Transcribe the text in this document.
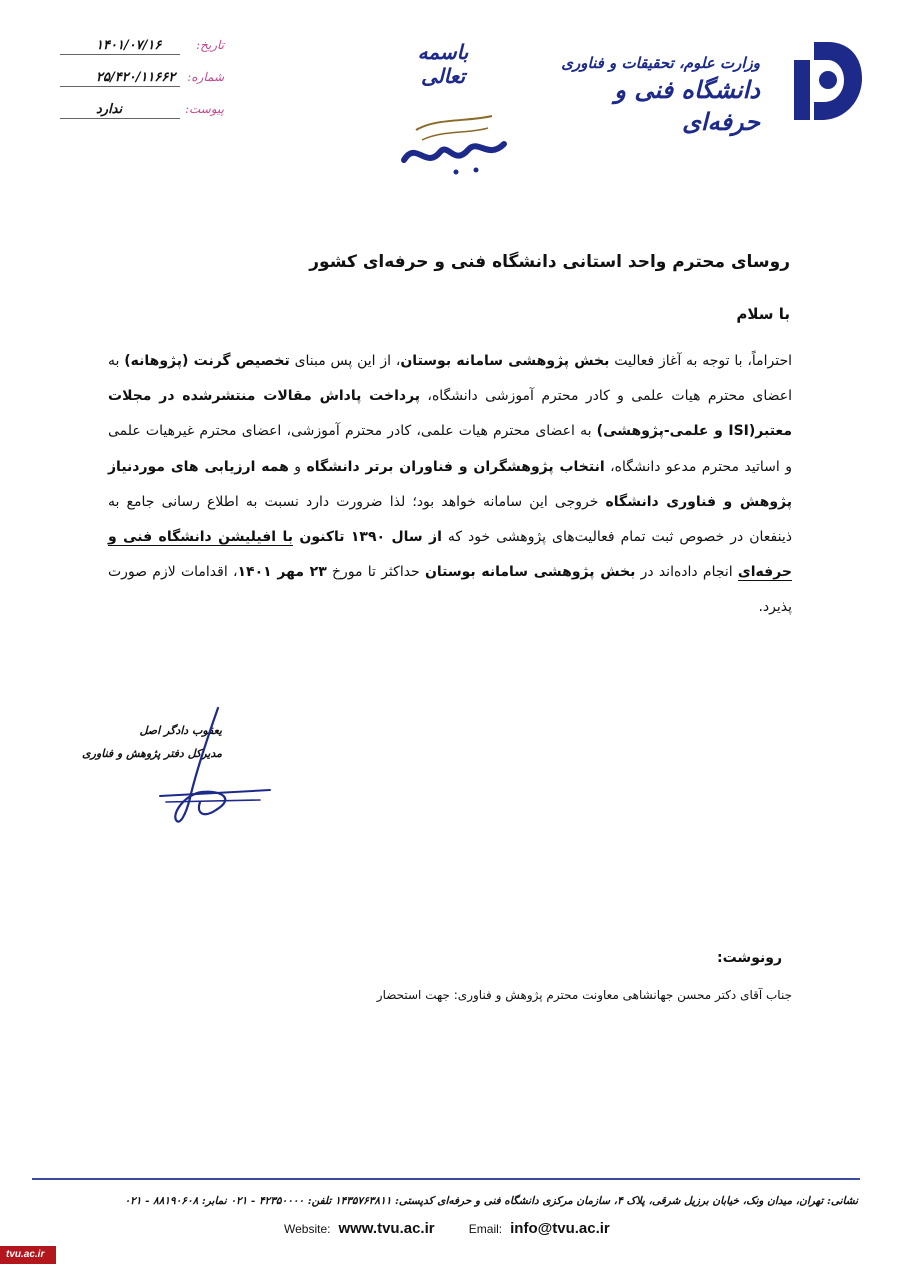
وزارت علوم، تحقیقات و فناوری
دانشگاه فنی و حرفه‌ای
باسمه تعالی
تاریخ:
۱۴۰۱/۰۷/۱۶
شماره:
۲۵/۴۲۰/۱۱۶۶۲
پیوست:
ندارد
روسای محترم واحد استانی دانشگاه فنی و حرفه‌ای کشور
با سلام
احتراماً، با توجه به آغاز فعالیت بخش پژوهشی سامانه بوستان، از این پس مبنای تخصیص گرنت (پژوهانه) به اعضای محترم هیات علمی و کادر محترم آموزشی دانشگاه، پرداخت پاداش مقالات منتشرشده در مجلات معتبر(ISI و علمی-پژوهشی) به اعضای محترم هیات علمی، کادر محترم آموزشی، اعضای محترم غیرهیات علمی و اساتید محترم مدعو دانشگاه، انتخاب پژوهشگران و فناوران برتر دانشگاه و همه ارزیابی های موردنیاز پژوهش و فناوری دانشگاه خروجی این سامانه خواهد بود؛ لذا ضرورت دارد نسبت به اطلاع رسانی جامع به ذینفعان در خصوص ثبت تمام فعالیت‌های پژوهشی خود که از سال ۱۳۹۰ تاکنون با افیلیشن دانشگاه فنی و حرفه‌ای انجام داده‌اند در بخش پژوهشی سامانه بوستان حداکثر تا مورخ ۲۳ مهر ۱۴۰۱، اقدامات لازم صورت پذیرد.
یعقوب دادگر اصل
مدیرکل دفتر پژوهش و فناوری
رونوشت:
جناب آقای دکتر محسن جهانشاهی معاونت محترم پژوهش و فناوری: جهت استحضار
نشانی: تهران، میدان ونک، خیابان برزیل شرقی، پلاک ۴، سازمان مرکزی دانشگاه فنی و حرفه‌ای کدپستی: ۱۴۳۵۷۶۳۸۱۱ تلفن: ۴۲۳۵۰۰۰۰ - ۰۲۱ نمابر: ۸۸۱۹۰۶۰۸ - ۰۲۱
Website: www.tvu.ac.ir	Email: info@tvu.ac.ir
tvu.ac.ir
